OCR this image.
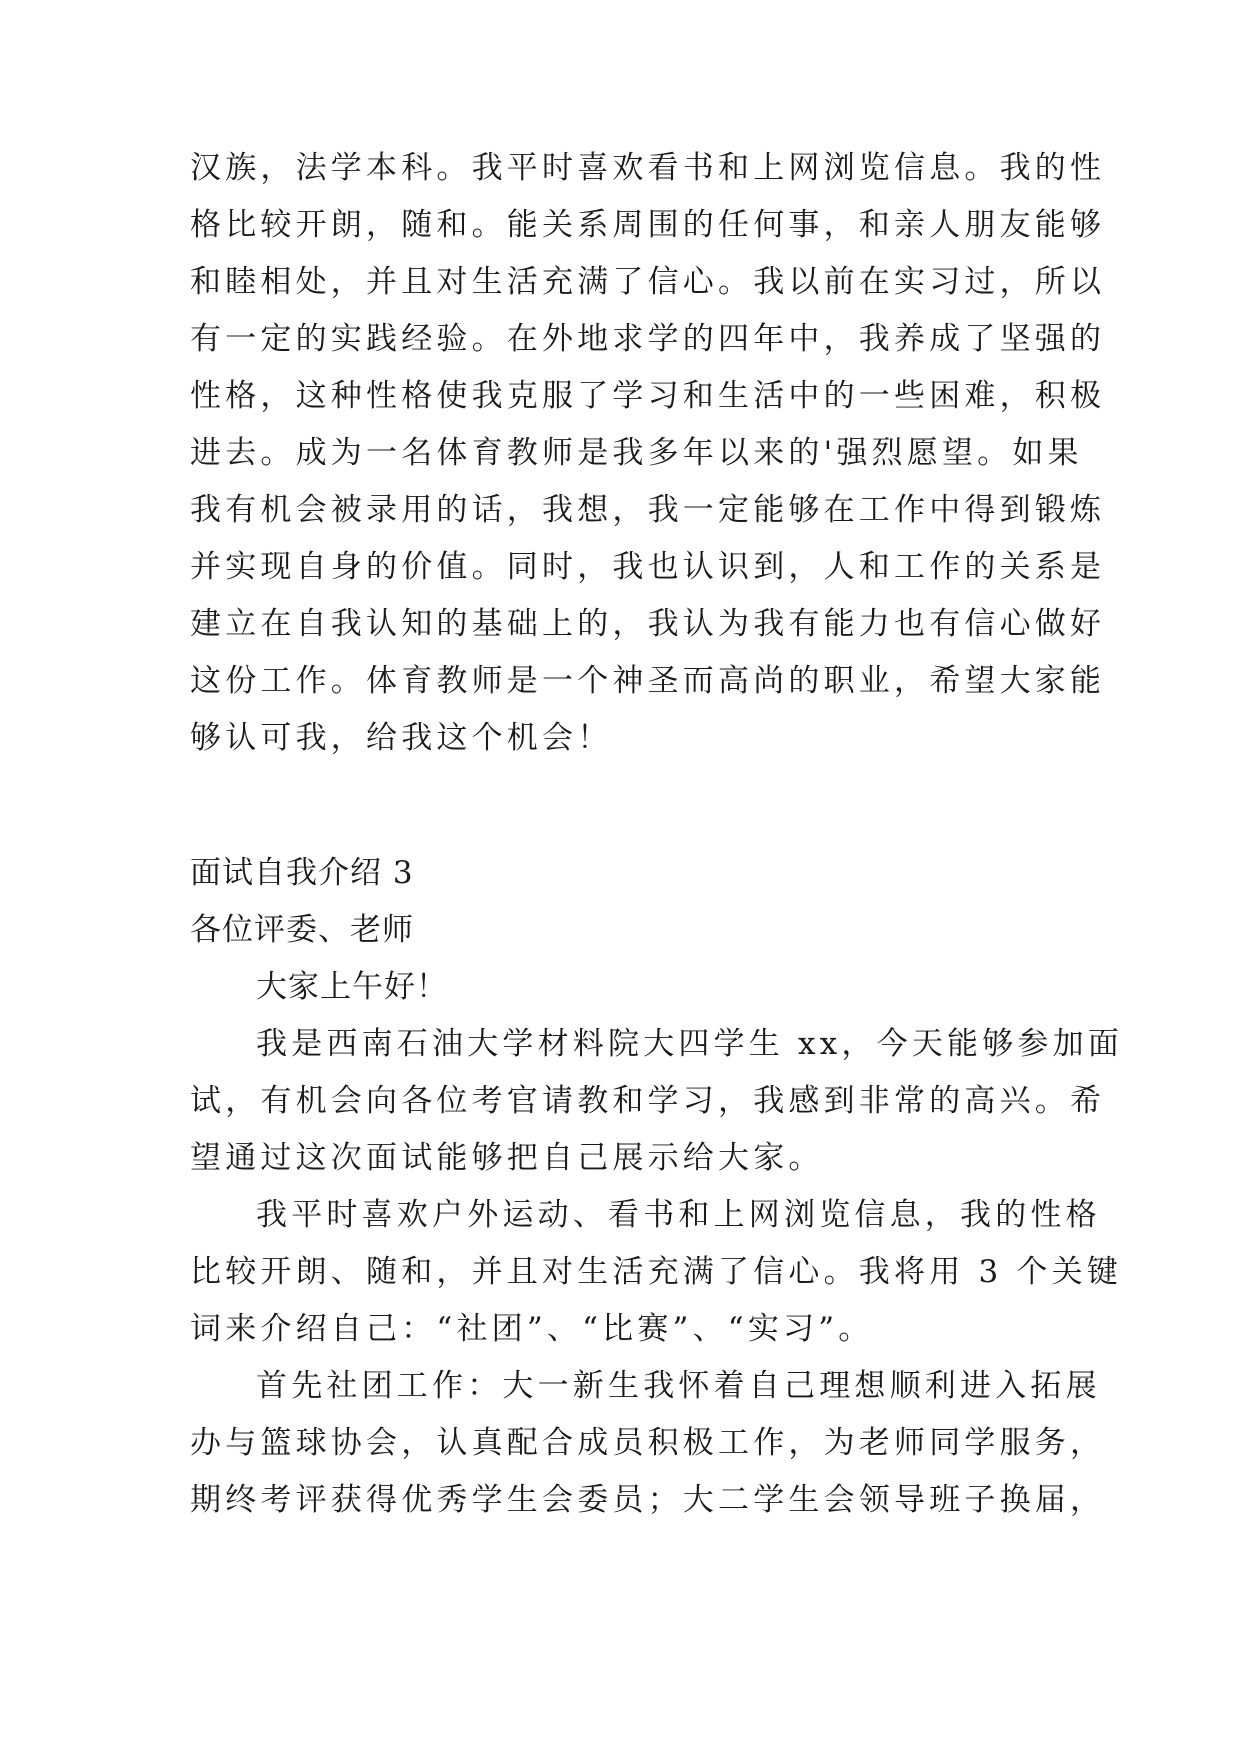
汉族，法学本科。我平时喜欢看书和上网浏览信息。我的性
格比较开朗，随和。能关系周围的任何事，和亲人朋友能够
和睦相处，并且对生活充满了信心。我以前在实习过，所以
有一定的实践经验。在外地求学的四年中，我养成了坚强的
性格，这种性格使我克服了学习和生活中的一些困难，积极
进去。成为一名体育教师是我多年以来的'强烈愿望。如果
我有机会被录用的话，我想，我一定能够在工作中得到锻炼
并实现自身的价值。同时，我也认识到，人和工作的关系是
建立在自我认知的基础上的，我认为我有能力也有信心做好
这份工作。体育教师是一个神圣而高尚的职业，希望大家能
够认可我，给我这个机会！
面试自我介绍 3
各位评委、老师
大家上午好！
我是西南石油大学材料院大四学生 xx，今天能够参加面
试，有机会向各位考官请教和学习，我感到非常的高兴。希
望通过这次面试能够把自己展示给大家。
我平时喜欢户外运动、看书和上网浏览信息，我的性格
比较开朗、随和，并且对生活充满了信心。我将用 3 个关键
词来介绍自己：“社团”、“比赛”、“实习”。
首先社团工作：大一新生我怀着自己理想顺利进入拓展
办与篮球协会，认真配合成员积极工作，为老师同学服务，
期终考评获得优秀学生会委员；大二学生会领导班子换届，
